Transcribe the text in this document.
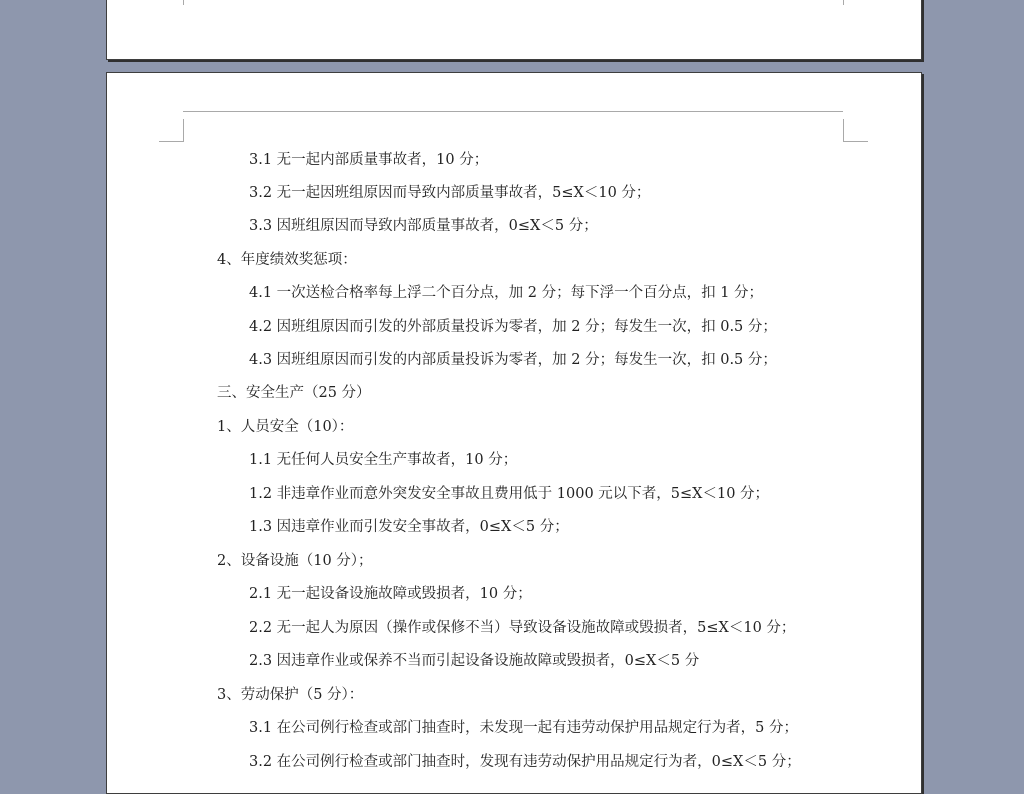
3.1 无一起内部质量事故者，10 分；
3.2 无一起因班组原因而导致内部质量事故者，5≤X＜10 分；
3.3 因班组原因而导致内部质量事故者，0≤X＜5 分；
4、年度绩效奖惩项：
4.1 一次送检合格率每上浮二个百分点，加 2 分；每下浮一个百分点，扣 1 分；
4.2 因班组原因而引发的外部质量投诉为零者，加 2 分；每发生一次，扣 0.5 分；
4.3 因班组原因而引发的内部质量投诉为零者，加 2 分；每发生一次，扣 0.5 分；
三、安全生产（25 分）
1、人员安全（10）：
1.1 无任何人员安全生产事故者，10 分；
1.2 非违章作业而意外突发安全事故且费用低于 1000 元以下者，5≤X＜10 分；
1.3 因违章作业而引发安全事故者，0≤X＜5 分；
2、设备设施（10 分）；
2.1 无一起设备设施故障或毁损者，10 分；
2.2 无一起人为原因（操作或保修不当）导致设备设施故障或毁损者，5≤X＜10 分；
2.3 因违章作业或保养不当而引起设备设施故障或毁损者，0≤X＜5 分
3、劳动保护（5 分）：
3.1 在公司例行检查或部门抽查时，未发现一起有违劳动保护用品规定行为者，5 分；
3.2 在公司例行检查或部门抽查时，发现有违劳动保护用品规定行为者，0≤X＜5 分；
